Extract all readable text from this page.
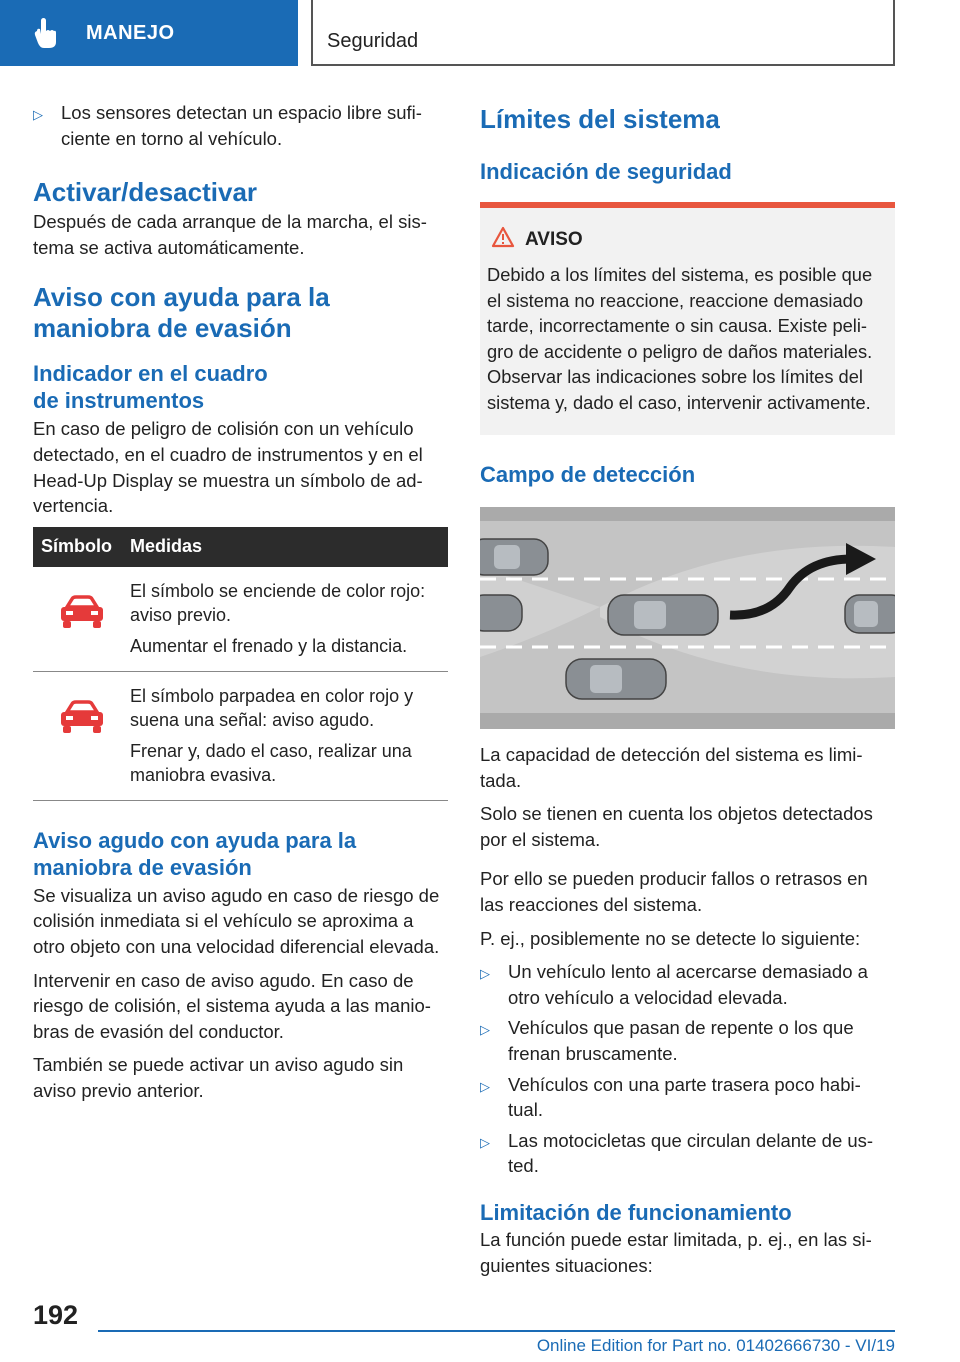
MANEJO	Seguridad
▷ Los sensores detectan un espacio libre sufi‐ciente en torno al vehículo.
Activar/desactivar
Después de cada arranque de la marcha, el sis‐tema se activa automáticamente.
Aviso con ayuda para la
maniobra de evasión
Indicador en el cuadro
de instrumentos
En caso de peligro de colisión con un vehículo detectado, en el cuadro de instrumentos y en el Head-Up Display se muestra un símbolo de ad‐vertencia.
Símbolo	Medidas
El símbolo se enciende de color rojo: aviso previo.
Aumentar el frenado y la distancia.
El símbolo parpadea en color rojo y suena una señal: aviso agudo.
Frenar y, dado el caso, realizar una maniobra evasiva.
Aviso agudo con ayuda para la
maniobra de evasión
Se visualiza un aviso agudo en caso de riesgo de colisión inmediata si el vehículo se aproxima a otro objeto con una velocidad diferencial elevada.
Intervenir en caso de aviso agudo. En caso de riesgo de colisión, el sistema ayuda a las manio‐bras de evasión del conductor.
También se puede activar un aviso agudo sin aviso previo anterior.
Límites del sistema
Indicación de seguridad
AVISO
Debido a los límites del sistema, es posible que el sistema no reaccione, reaccione demasiado tarde, incorrectamente o sin causa. Existe peli‐gro de accidente o peligro de daños materiales. Observar las indicaciones sobre los límites del sistema y, dado el caso, intervenir activamente.
Campo de detección
La capacidad de detección del sistema es limi‐tada.
Solo se tienen en cuenta los objetos detectados por el sistema.
Por ello se pueden producir fallos o retrasos en las reacciones del sistema.
P. ej., posiblemente no se detecte lo siguiente:
▷ Un vehículo lento al acercarse demasiado a otro vehículo a velocidad elevada.
▷ Vehículos que pasan de repente o los que frenan bruscamente.
▷ Vehículos con una parte trasera poco habi‐tual.
▷ Las motocicletas que circulan delante de us‐ted.
Limitación de funcionamiento
La función puede estar limitada, p. ej., en las si‐guientes situaciones:
192
Online Edition for Part no. 01402666730 - VI/19
